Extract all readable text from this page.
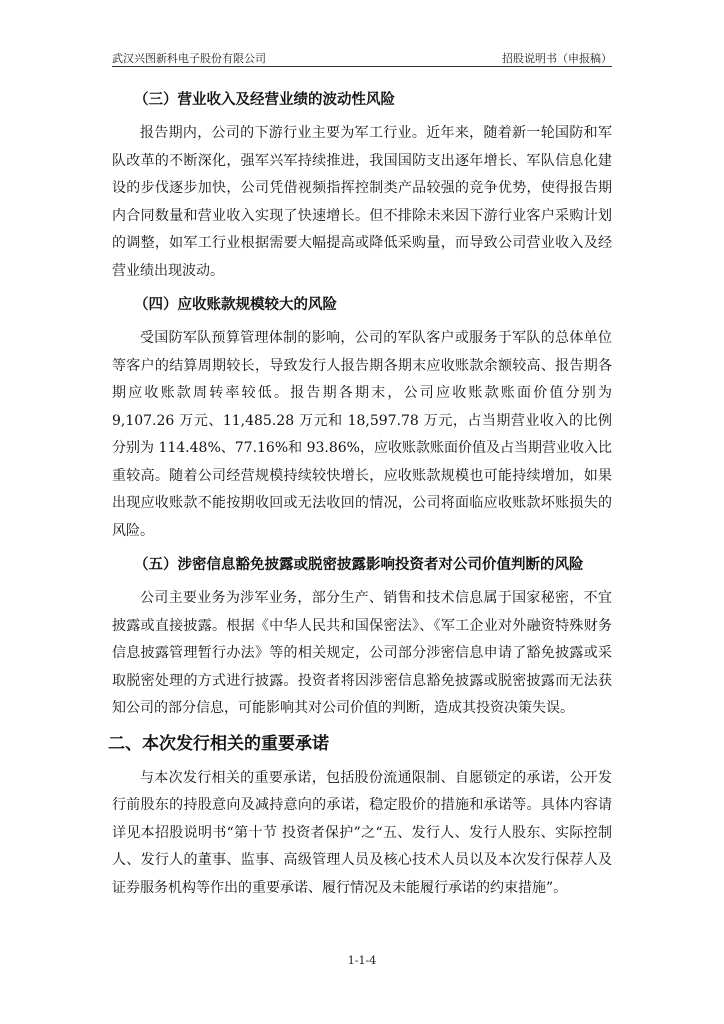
武汉兴图新科电子股份有限公司	招股说明书（申报稿）
（三）营业收入及经营业绩的波动性风险

报告期内，公司的下游行业主要为军工行业。近年来，随着新一轮国防和军队改革的不断深化，强军兴军持续推进，我国国防支出逐年增长、军队信息化建设的步伐逐步加快，公司凭借视频指挥控制类产品较强的竞争优势，使得报告期内合同数量和营业收入实现了快速增长。但不排除未来因下游行业客户采购计划的调整，如军工行业根据需要大幅提高或降低采购量，而导致公司营业收入及经营业绩出现波动。

（四）应收账款规模较大的风险

受国防军队预算管理体制的影响，公司的军队客户或服务于军队的总体单位等客户的结算周期较长，导致发行人报告期各期末应收账款余额较高、报告期各期应收账款周转率较低。报告期各期末，公司应收账款账面价值分别为 9,107.26 万元、11,485.28 万元和 18,597.78 万元，占当期营业收入的比例分别为 114.48%、77.16%和 93.86%，应收账款账面价值及占当期营业收入比重较高。随着公司经营规模持续较快增长，应收账款规模也可能持续增加，如果出现应收账款不能按期收回或无法收回的情况，公司将面临应收账款坏账损失的风险。

（五）涉密信息豁免披露或脱密披露影响投资者对公司价值判断的风险

公司主要业务为涉军业务，部分生产、销售和技术信息属于国家秘密，不宜披露或直接披露。根据《中华人民共和国保密法》、《军工企业对外融资特殊财务信息披露管理暂行办法》等的相关规定，公司部分涉密信息申请了豁免披露或采取脱密处理的方式进行披露。投资者将因涉密信息豁免披露或脱密披露而无法获知公司的部分信息，可能影响其对公司价值的判断，造成其投资决策失误。

二、本次发行相关的重要承诺

与本次发行相关的重要承诺，包括股份流通限制、自愿锁定的承诺，公开发行前股东的持股意向及减持意向的承诺，稳定股价的措施和承诺等。具体内容请详见本招股说明书“第十节 投资者保护”之“五、发行人、发行人股东、实际控制人、发行人的董事、监事、高级管理人员及核心技术人员以及本次发行保荐人及证券服务机构等作出的重要承诺、履行情况及未能履行承诺的约束措施”。

1-1-4
